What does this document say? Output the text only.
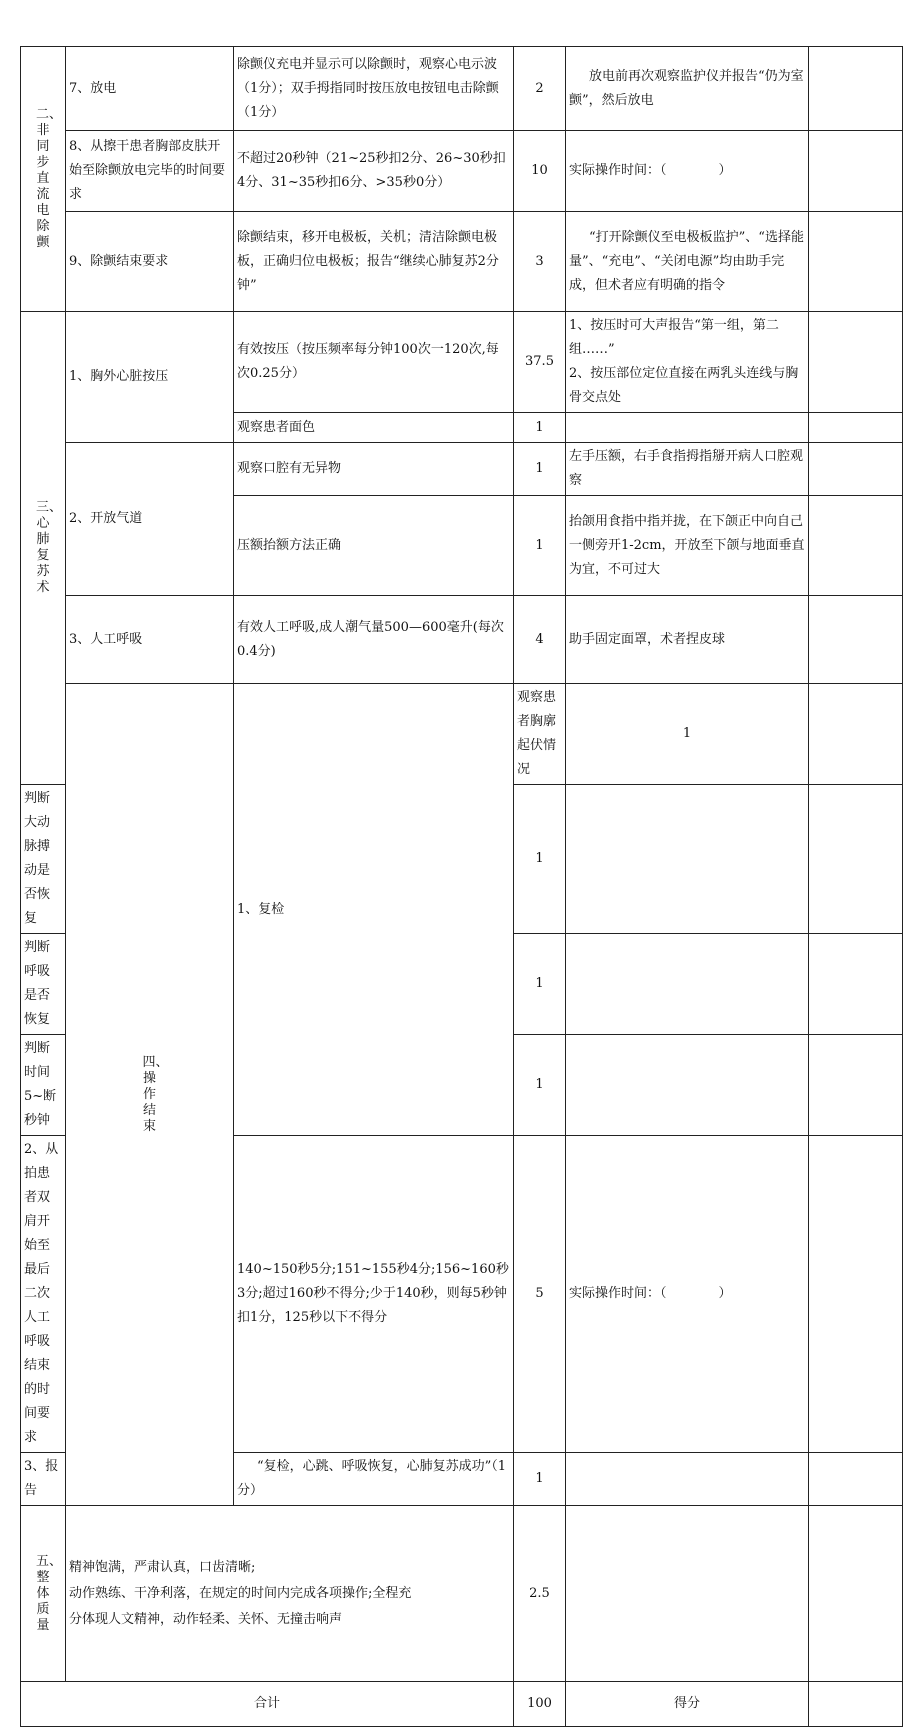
二、非同步直流电除颤	7、放电	除颤仪充电并显示可以除颤时，观察心电示波（1分）；双手拇指同时按压放电按钮电击除颤（1分）	2	放电前再次观察监护仪并报告“仍为室颤”，然后放电		
	8、从擦干患者胸部皮肤开始至除颤放电完毕的时间要求	不超过20秒钟（21~25秒扣2分、26~30秒扣4分、31~35秒扣6分、>35秒0分）	10	实际操作时间：（　　　　）		
	9、除颤结束要求	除颤结束，移开电极板，关机；清洁除颤电极板，正确归位电极板；报告“继续心肺复苏2分钟”	3	“打开除颤仪至电极板监护”、“选择能量”、“充电”、“关闭电源”均由助手完成，但术者应有明确的指令		

三、心肺复苏术	1、胸外心脏按压	有效按压（按压频率每分钟100次一120次,每次0.25分）	37.5	1、按压时可大声报告“第一组，第二组……”
2、按压部位定位直接在两乳头连线与胸骨交点处		
		观察患者面色	1			
	2、开放气道	观察口腔有无异物	1	左手压额，右手食指拇指掰开病人口腔观察		
		压额抬额方法正确	1	抬颌用食指中指并拢，在下颌正中向自己一侧旁开1-2cm，开放至下颌与地面垂直为宜，不可过大		
	3、人工呼吸	有效人工呼吸,成人潮气量500—600毫升(每次0.4分)	4	助手固定面罩，术者捏皮球		

	四、操作结束	1、复检	观察患者胸廓起伏情况	1		
判断大动脉搏动是否恢复			1			
判断呼吸是否恢复			1			
判断时间5~断秒钟			1			
2、从拍患者双肩开始至最后二次人工呼吸结束的时间要求		140~150秒5分;151~155秒4分;156~160秒3分;超过160秒不得分;少于140秒，则每5秒钟扣1分，125秒以下不得分	5	实际操作时间：（　　　　）		
3、报告		“复检，心跳、呼吸恢复，心肺复苏成功”（1分）	1			

五、整体质量	精神饱满，严肃认真，口齿清晰;
动作熟练、干净利落，在规定的时间内完成各项操作;全程充
分体现人文精神，动作轻柔、关怀、无撞击响声		2.5			
合计			100	得分		
